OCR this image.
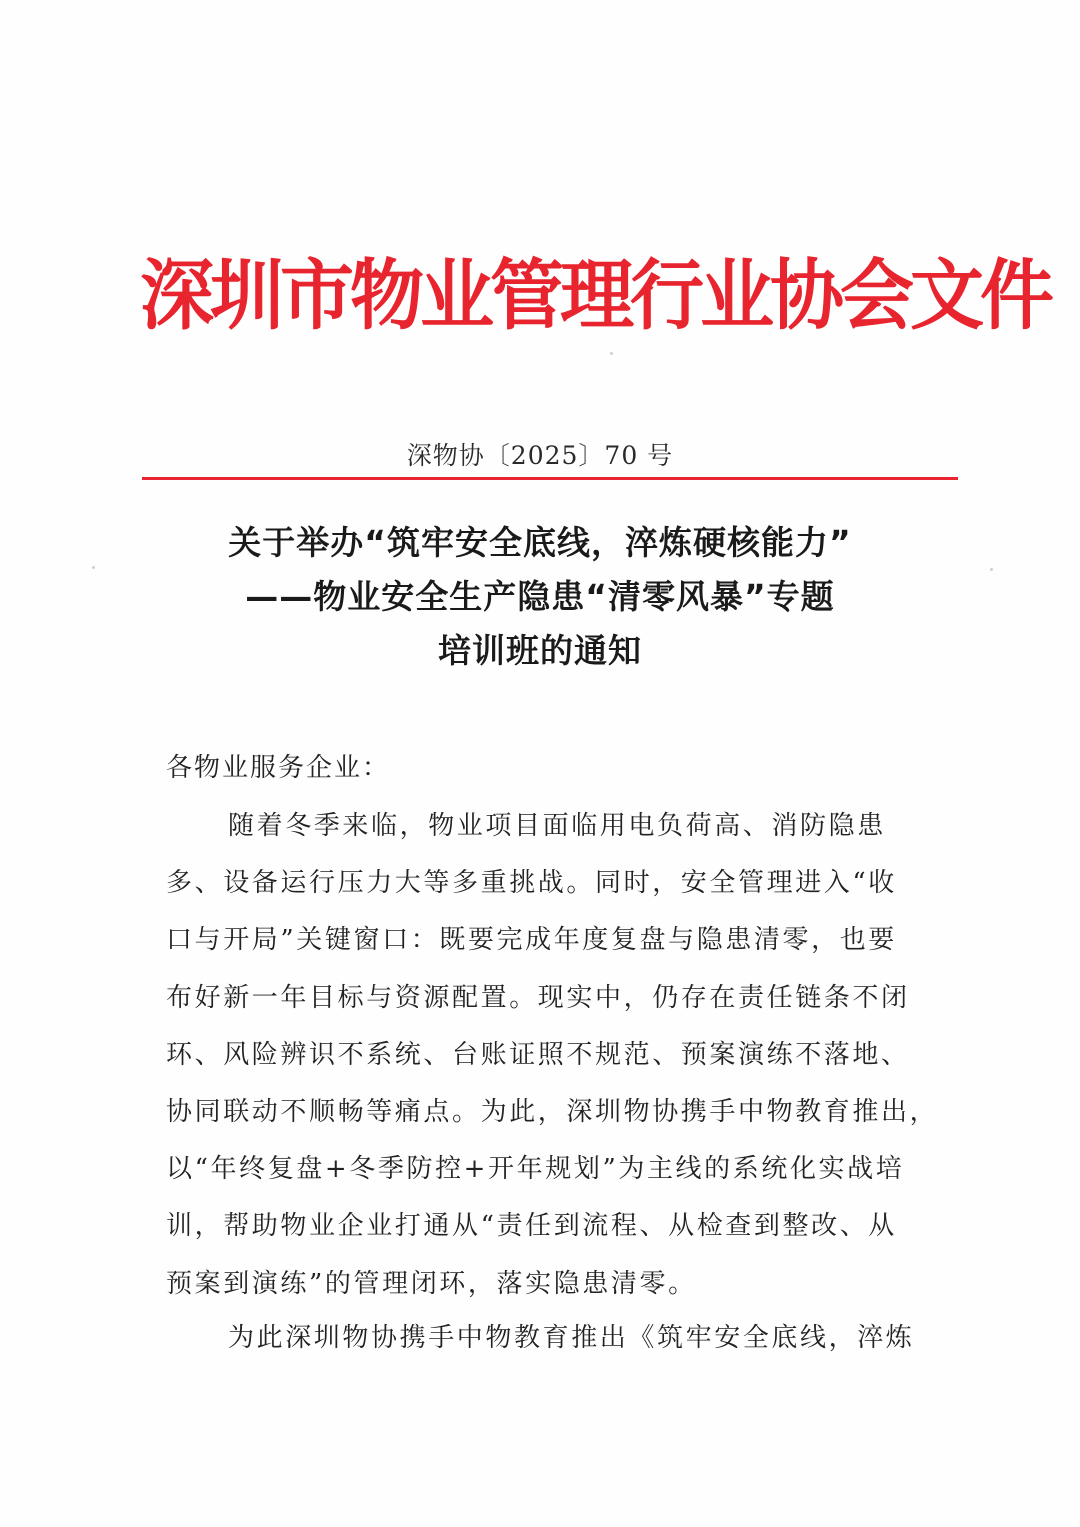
深圳市物业管理行业协会文件
深物协〔2025〕70 号
关于举办“筑牢安全底线，淬炼硬核能力”
——物业安全生产隐患“清零风暴”专题
培训班的通知
各物业服务企业：
随着冬季来临，物业项目面临用电负荷高、消防隐患
多、设备运行压力大等多重挑战。同时，安全管理进入“收
口与开局”关键窗口：既要完成年度复盘与隐患清零，也要
布好新一年目标与资源配置。现实中，仍存在责任链条不闭
环、风险辨识不系统、台账证照不规范、预案演练不落地、
协同联动不顺畅等痛点。为此，深圳物协携手中物教育推出，
以“年终复盘+冬季防控+开年规划”为主线的系统化实战培
训，帮助物业企业打通从“责任到流程、从检查到整改、从
预案到演练”的管理闭环，落实隐患清零。
为此深圳物协携手中物教育推出《筑牢安全底线，淬炼
